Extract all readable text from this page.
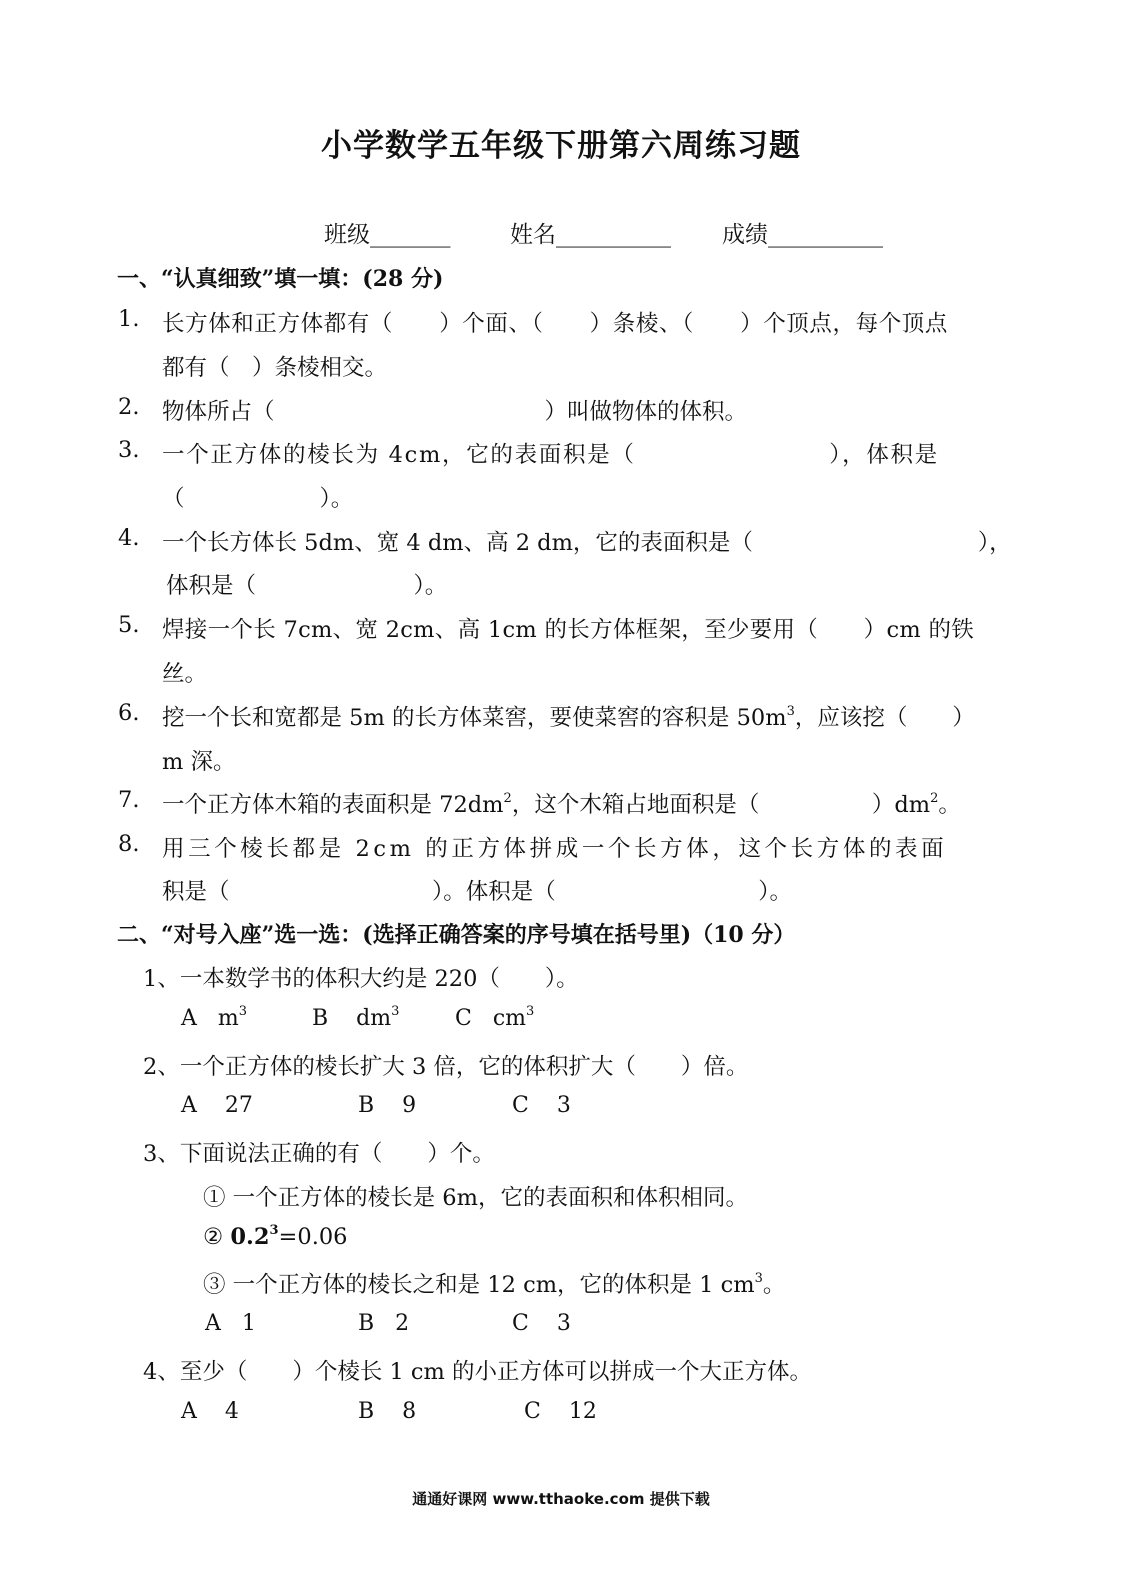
小学数学五年级下册第六周练习题
班级_______	姓名__________ 成绩__________
一、“认真细致”填一填：(28 分)
1. 长方体和正方体都有（　　）个面、（　　）条棱、（　　）个顶点，每个顶点
都有（　）条棱相交。
2. 物体所占（　　　　　　　　　　　　）叫做物体的体积。
3. 一个正方体的棱长为 4cm，它的表面积是（　　　　　　　　），体积是
（　　　　　　）。
4. 一个长方体长 5dm、宽 4 dm、高 2 dm，它的表面积是（　　　　　　　　　　），
体积是（　　　　　　　）。
5. 焊接一个长 7cm、宽 2cm、高 1cm 的长方体框架，至少要用（　　）cm 的铁
丝。
6. 挖一个长和宽都是 5m 的长方体菜窖，要使菜窖的容积是 $50m^3$，应该挖（　　）
m 深。
7. 一个正方体木箱的表面积是 $72dm^2$，这个木箱占地面积是（　　　　　）$dm^2$。
8. 用三个棱长都是 2cm 的正方体拼成一个长方体，这个长方体的表面
积是（　　　　　　　　　）。体积是（　　　　　　　　　）。
二、“对号入座”选一选：(选择正确答案的序号填在括号里)（10 分）
1、一本数学书的体积大约是 220（　　）。
A $m^3$	B $dm^3$	C $cm^3$
2、一个正方体的棱长扩大 3 倍，它的体积扩大（　　）倍。
A 27	B 9	C 3
3、下面说法正确的有（　　）个。
① 一个正方体的棱长是 6m，它的表面积和体积相同。
② $0.2^3=0.06$
③ 一个正方体的棱长之和是 12 cm，它的体积是 1 $cm^3$。
A 1	B 2	C 3
4、至少（　　）个棱长 1 cm 的小正方体可以拼成一个大正方体。
A 4	B 8	C 12
通通好课网 www.tthaoke.com 提供下载
